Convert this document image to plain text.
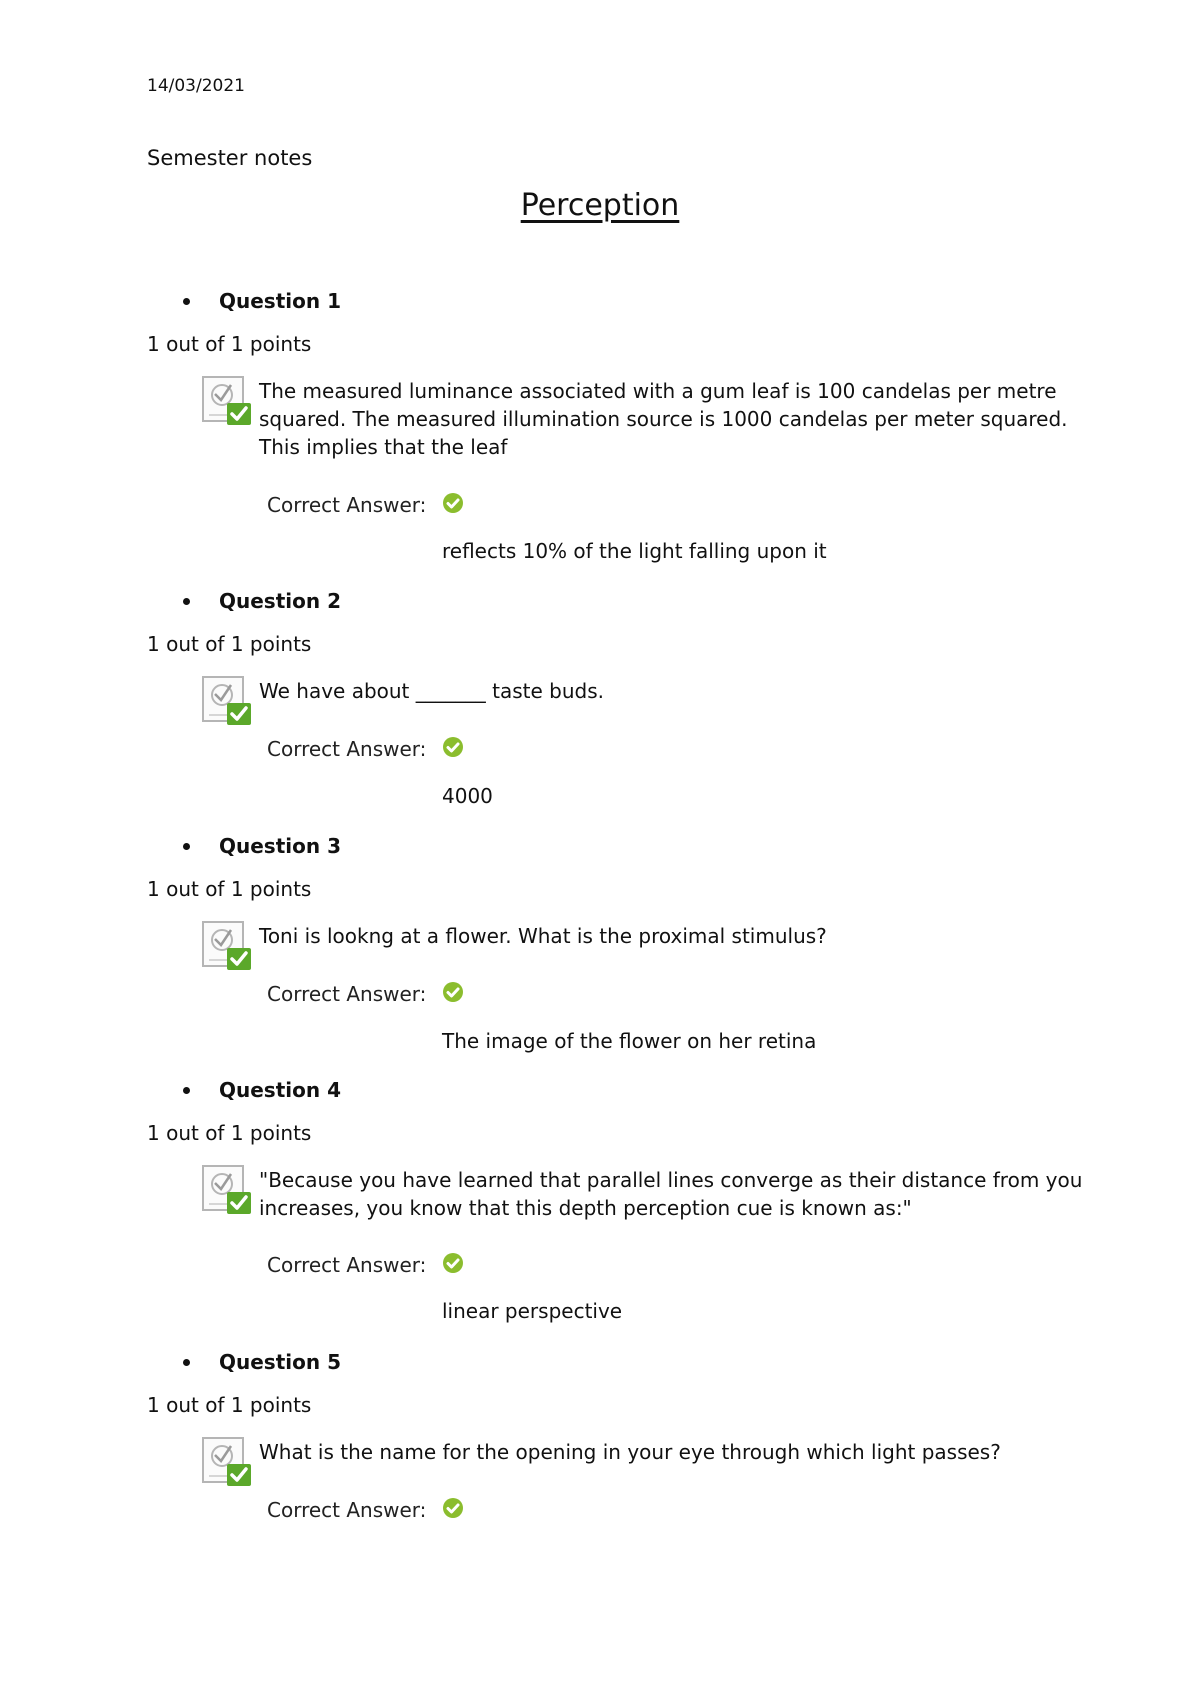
14/03/2021
Semester notes
Perception
Question 1
1 out of 1 points
The measured luminance associated with a gum leaf is 100 candelas per metre
squared. The measured illumination source is 1000 candelas per meter squared.
This implies that the leaf
Correct Answer:
reflects 10% of the light falling upon it
Question 2
1 out of 1 points
We have about _______ taste buds.
Correct Answer:
4000
Question 3
1 out of 1 points
Toni is lookng at a flower. What is the proximal stimulus?
Correct Answer:
The image of the flower on her retina
Question 4
1 out of 1 points
"Because you have learned that parallel lines converge as their distance from you
increases, you know that this depth perception cue is known as:"
Correct Answer:
linear perspective
Question 5
1 out of 1 points
What is the name for the opening in your eye through which light passes?
Correct Answer:
